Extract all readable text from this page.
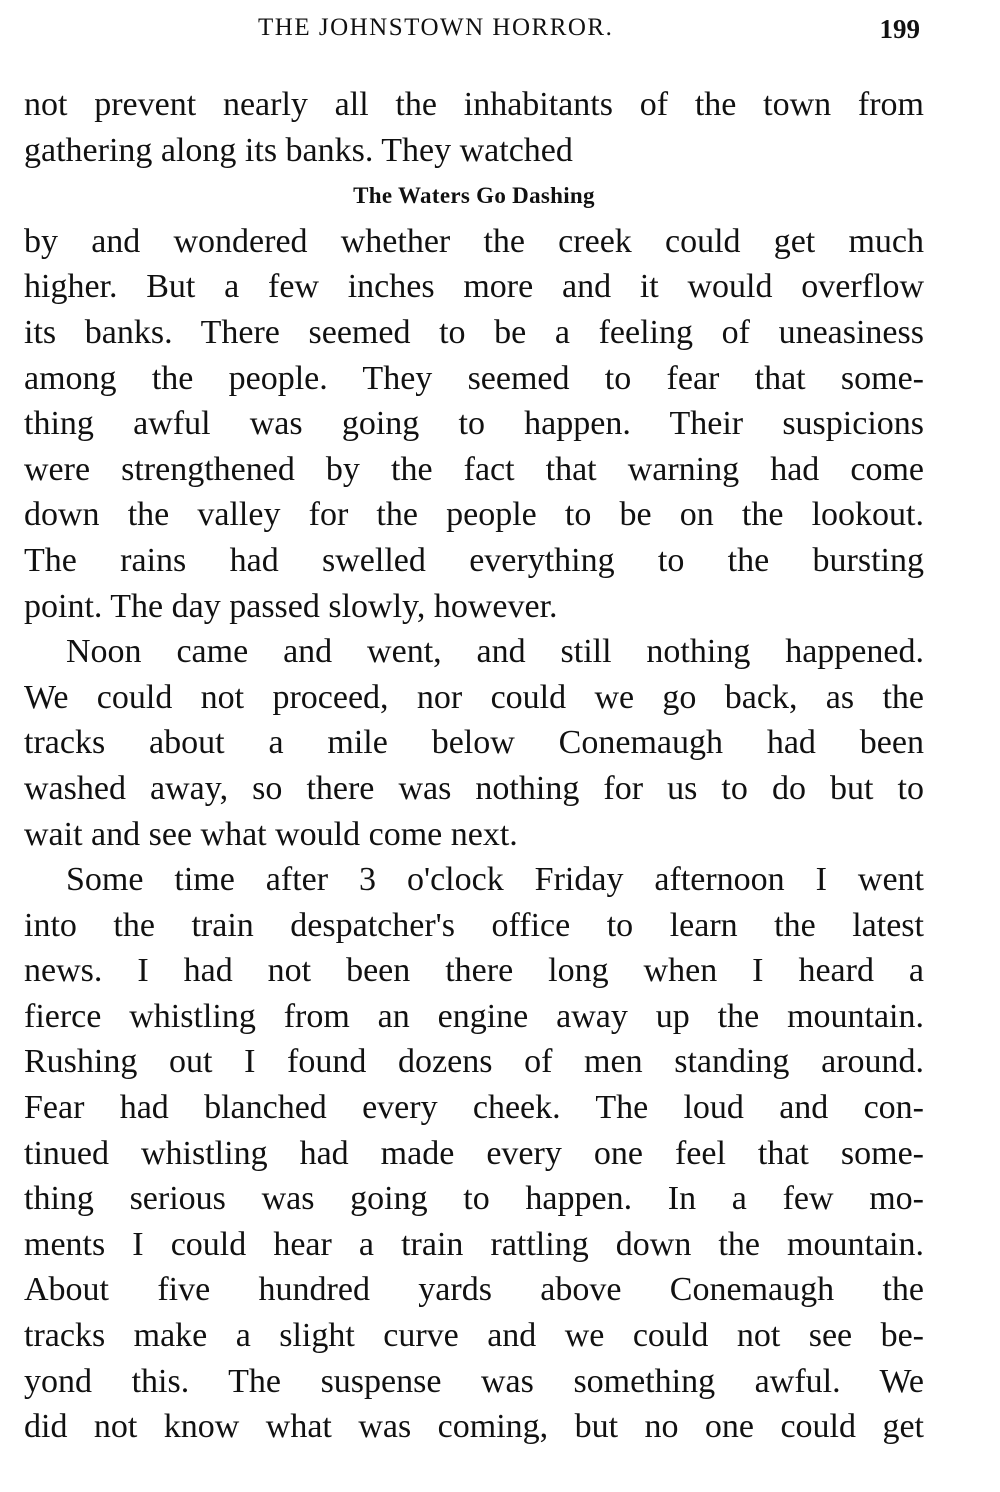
THE JOHNSTOWN HORROR.	199
not prevent nearly all the inhabitants of the town from
gathering along its banks. They watched
The Waters Go Dashing
by and wondered whether the creek could get much
higher. But a few inches more and it would overflow
its banks. There seemed to be a feeling of uneasiness
among the people. They seemed to fear that some-
thing awful was going to happen. Their suspicions
were strengthened by the fact that warning had come
down the valley for the people to be on the lookout.
The rains had swelled everything to the bursting
point. The day passed slowly, however.
Noon came and went, and still nothing happened.
We could not proceed, nor could we go back, as the
tracks about a mile below Conemaugh had been
washed away, so there was nothing for us to do but to
wait and see what would come next.
Some time after 3 o'clock Friday afternoon I went
into the train despatcher's office to learn the latest
news. I had not been there long when I heard a
fierce whistling from an engine away up the mountain.
Rushing out I found dozens of men standing around.
Fear had blanched every cheek. The loud and con-
tinued whistling had made every one feel that some-
thing serious was going to happen. In a few mo-
ments I could hear a train rattling down the mountain.
About five hundred yards above Conemaugh the
tracks make a slight curve and we could not see be-
yond this. The suspense was something awful. We
did not know what was coming, but no one could get
